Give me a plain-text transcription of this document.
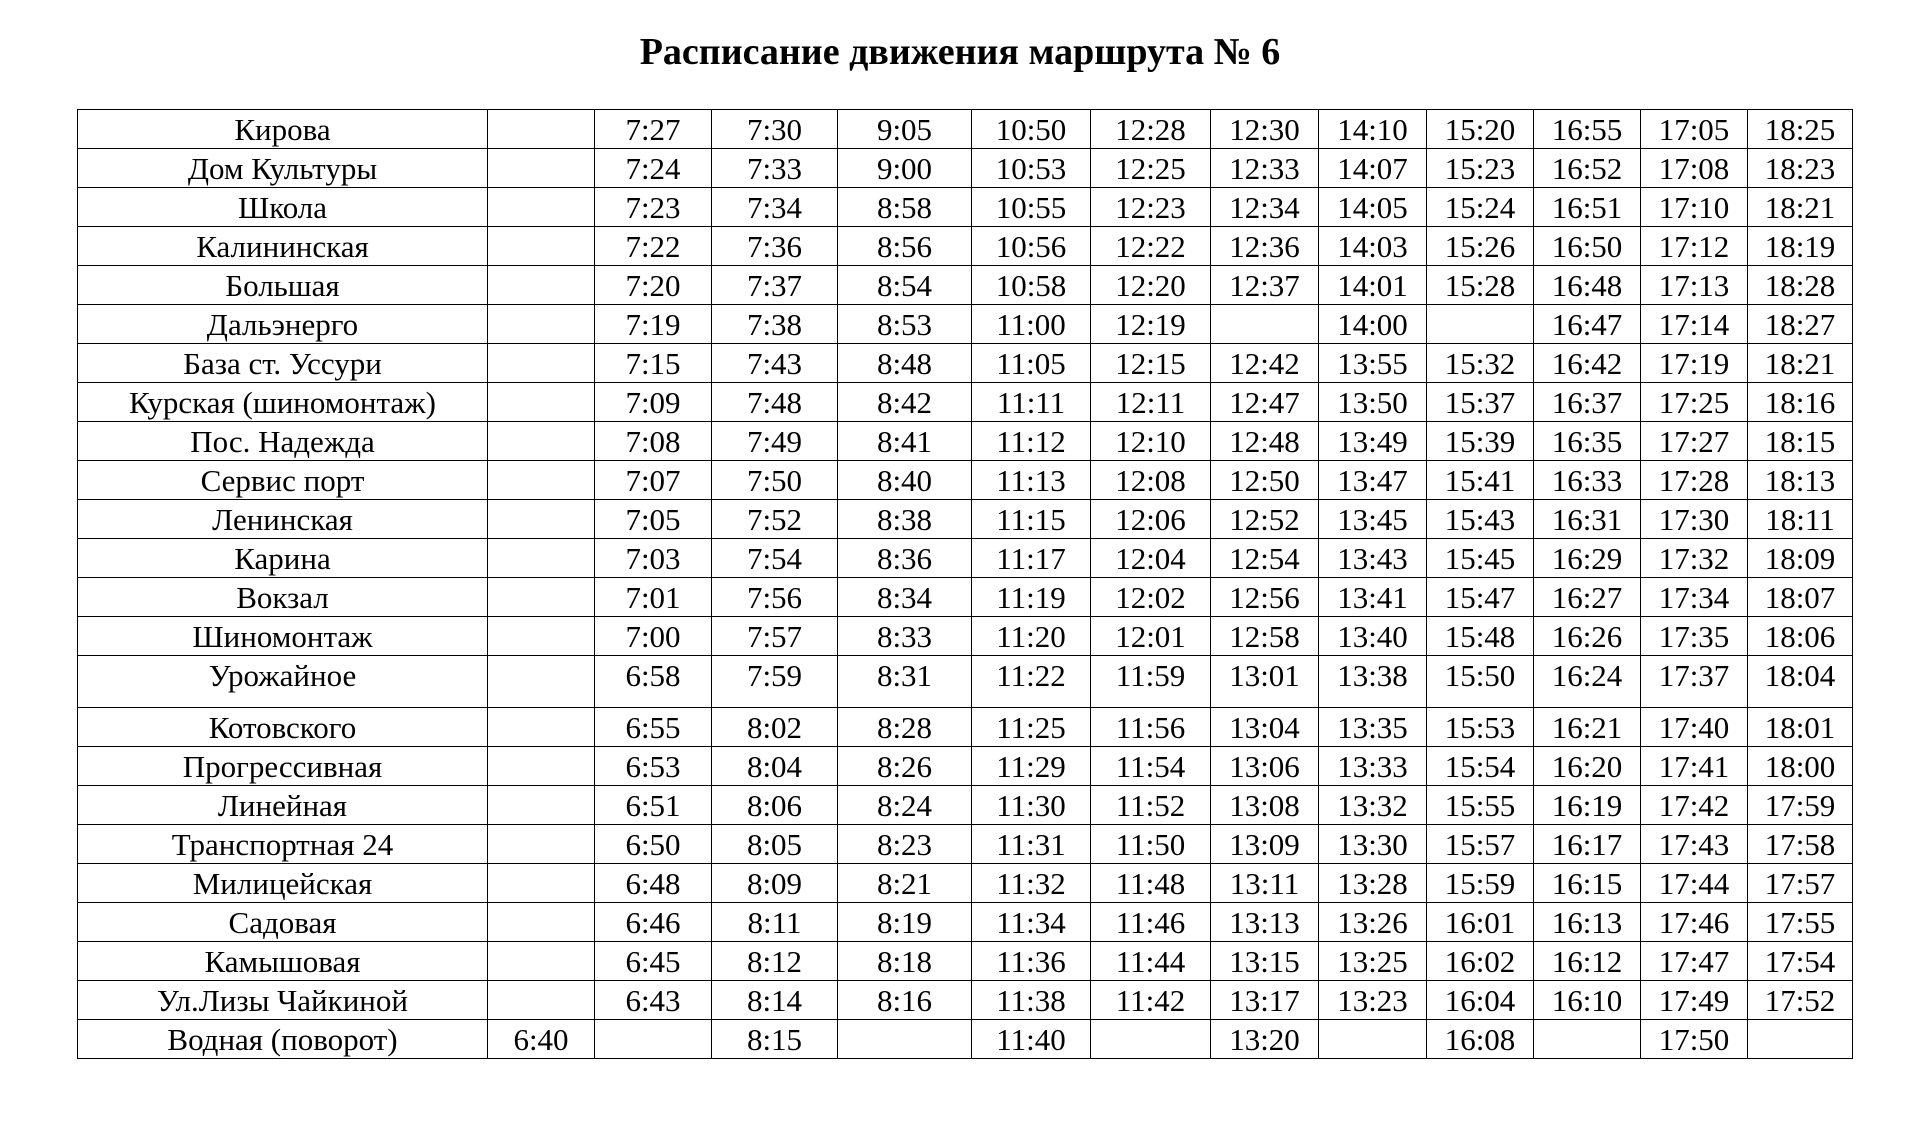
Расписание движения маршрута № 6
Кирова		7:27	7:30	9:05	10:50	12:28	12:30	14:10	15:20	16:55	17:05	18:25
Дом Культуры		7:24	7:33	9:00	10:53	12:25	12:33	14:07	15:23	16:52	17:08	18:23
Школа		7:23	7:34	8:58	10:55	12:23	12:34	14:05	15:24	16:51	17:10	18:21
Калининская		7:22	7:36	8:56	10:56	12:22	12:36	14:03	15:26	16:50	17:12	18:19
Большая		7:20	7:37	8:54	10:58	12:20	12:37	14:01	15:28	16:48	17:13	18:28
Дальэнерго		7:19	7:38	8:53	11:00	12:19		14:00		16:47	17:14	18:27
База ст. Уссури		7:15	7:43	8:48	11:05	12:15	12:42	13:55	15:32	16:42	17:19	18:21
Курская (шиномонтаж)		7:09	7:48	8:42	11:11	12:11	12:47	13:50	15:37	16:37	17:25	18:16
Пос. Надежда		7:08	7:49	8:41	11:12	12:10	12:48	13:49	15:39	16:35	17:27	18:15
Сервис порт		7:07	7:50	8:40	11:13	12:08	12:50	13:47	15:41	16:33	17:28	18:13
Ленинская		7:05	7:52	8:38	11:15	12:06	12:52	13:45	15:43	16:31	17:30	18:11
Карина		7:03	7:54	8:36	11:17	12:04	12:54	13:43	15:45	16:29	17:32	18:09
Вокзал		7:01	7:56	8:34	11:19	12:02	12:56	13:41	15:47	16:27	17:34	18:07
Шиномонтаж		7:00	7:57	8:33	11:20	12:01	12:58	13:40	15:48	16:26	17:35	18:06
Урожайное		6:58	7:59	8:31	11:22	11:59	13:01	13:38	15:50	16:24	17:37	18:04
Котовского		6:55	8:02	8:28	11:25	11:56	13:04	13:35	15:53	16:21	17:40	18:01
Прогрессивная		6:53	8:04	8:26	11:29	11:54	13:06	13:33	15:54	16:20	17:41	18:00
Линейная		6:51	8:06	8:24	11:30	11:52	13:08	13:32	15:55	16:19	17:42	17:59
Транспортная 24		6:50	8:05	8:23	11:31	11:50	13:09	13:30	15:57	16:17	17:43	17:58
Милицейская		6:48	8:09	8:21	11:32	11:48	13:11	13:28	15:59	16:15	17:44	17:57
Садовая		6:46	8:11	8:19	11:34	11:46	13:13	13:26	16:01	16:13	17:46	17:55
Камышовая		6:45	8:12	8:18	11:36	11:44	13:15	13:25	16:02	16:12	17:47	17:54
Ул.Лизы Чайкиной		6:43	8:14	8:16	11:38	11:42	13:17	13:23	16:04	16:10	17:49	17:52
Водная (поворот)	6:40		8:15		11:40		13:20		16:08		17:50	
